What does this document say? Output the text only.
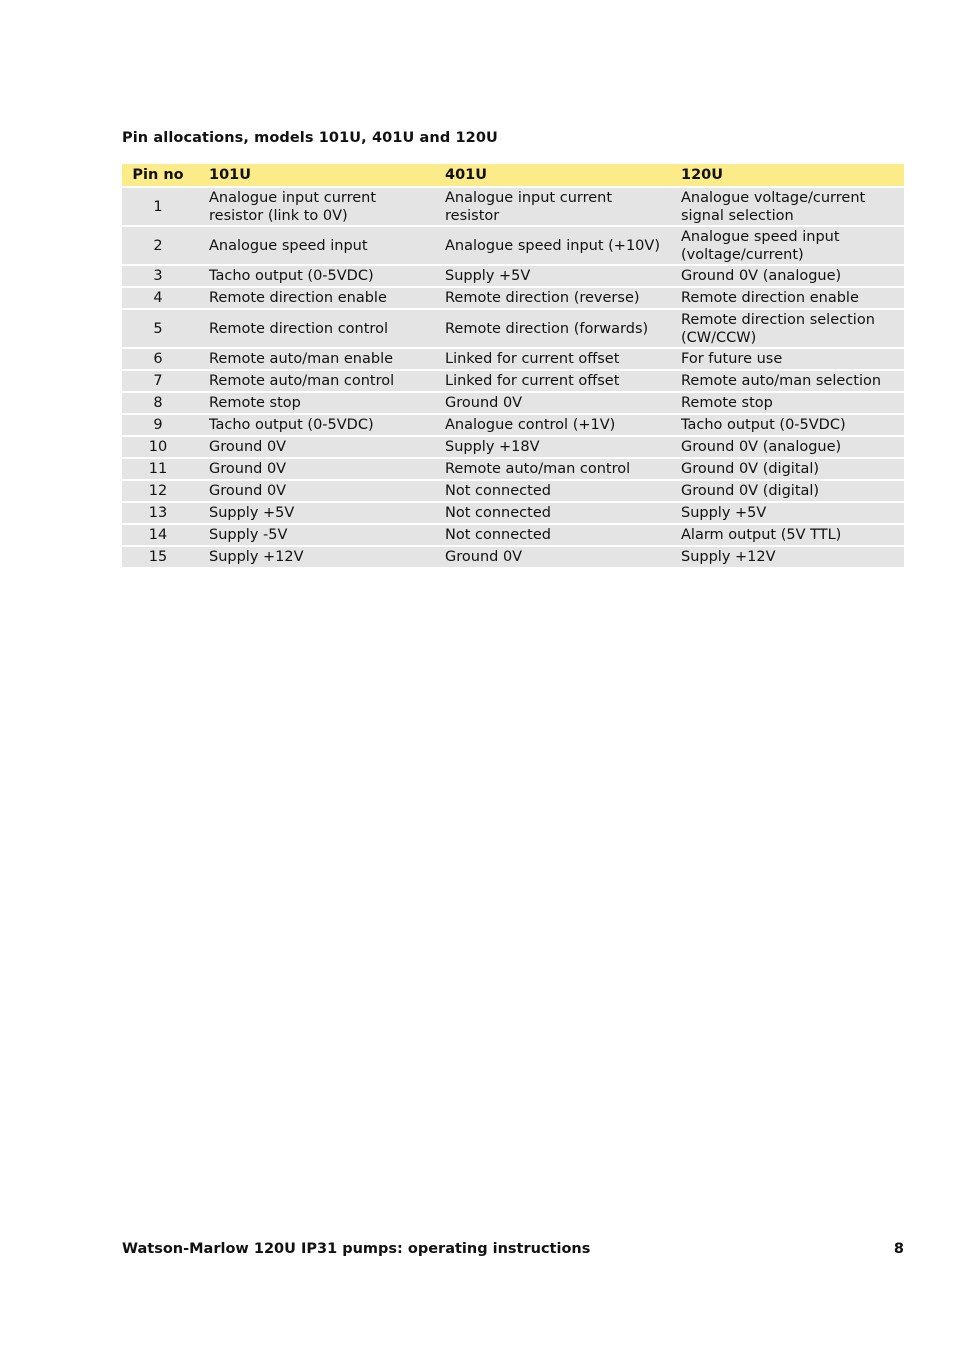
Pin allocations, models 101U, 401U and 120U
Pin no	101U	401U	120U
1	Analogue input current resistor (link to 0V)	Analogue input current resistor	Analogue voltage/current signal selection
2	Analogue speed input	Analogue speed input (+10V)	Analogue speed input (voltage/current)
3	Tacho output (0-5VDC)	Supply +5V	Ground 0V (analogue)
4	Remote direction enable	Remote direction (reverse)	Remote direction enable
5	Remote direction control	Remote direction (forwards)	Remote direction selection (CW/CCW)
6	Remote auto/man enable	Linked for current offset	For future use
7	Remote auto/man control	Linked for current offset	Remote auto/man selection
8	Remote stop	Ground 0V	Remote stop
9	Tacho output (0-5VDC)	Analogue control (+1V)	Tacho output (0-5VDC)
10	Ground 0V	Supply +18V	Ground 0V (analogue)
11	Ground 0V	Remote auto/man control	Ground 0V (digital)
12	Ground 0V	Not connected	Ground 0V (digital)
13	Supply +5V	Not connected	Supply +5V
14	Supply -5V	Not connected	Alarm output (5V TTL)
15	Supply +12V	Ground 0V	Supply +12V
Watson-Marlow 120U IP31 pumps: operating instructions	8
